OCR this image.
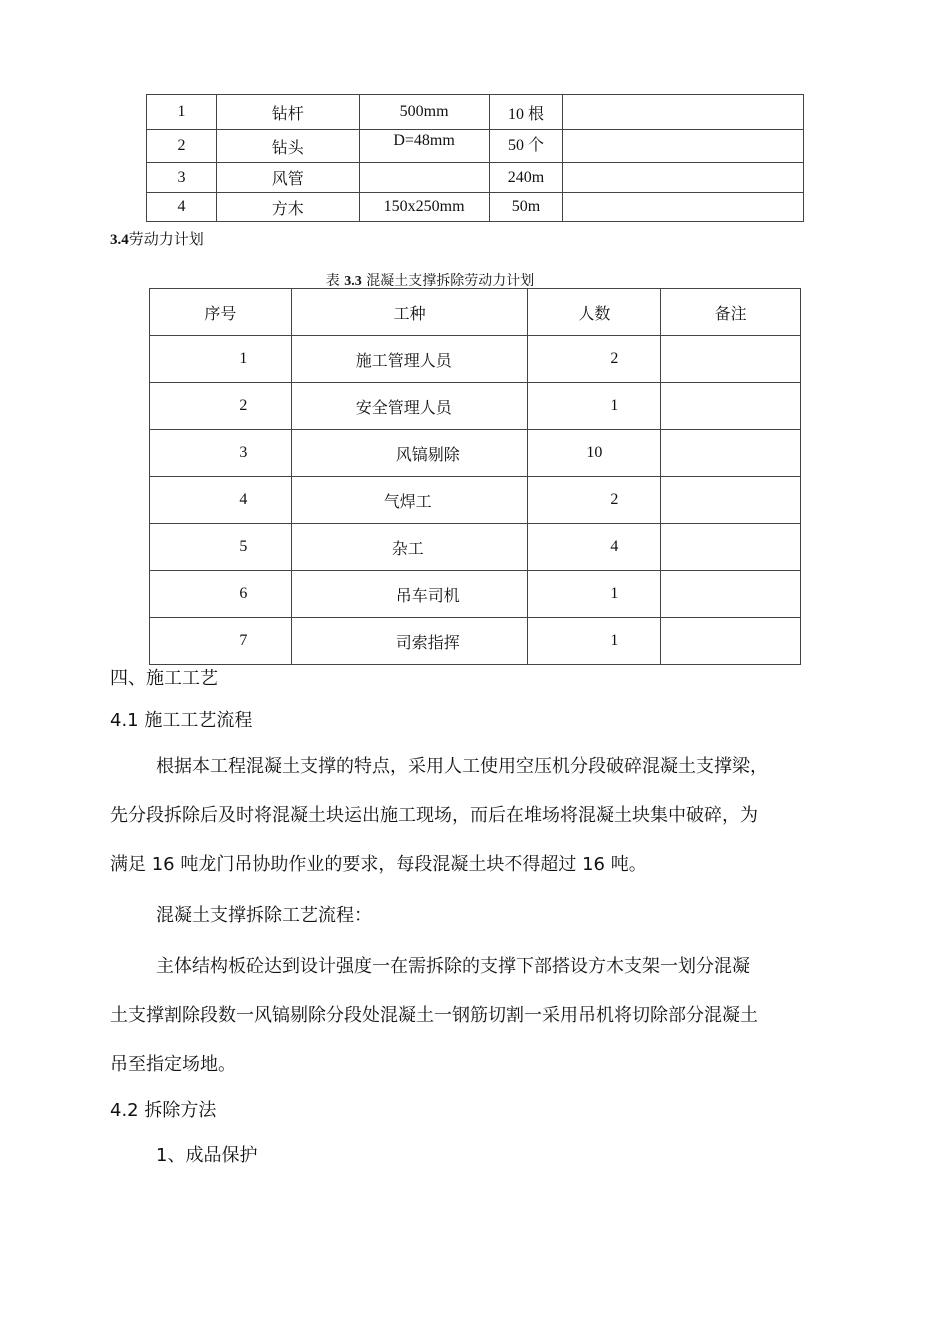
1	钻杆	500mm	10 根	
2	钻头	D=48mm	50 个	
3	风管		240m	
4	方木	150x250mm	50m	
3.4劳动力计划
表 3.3 混凝土支撑拆除劳动力计划
序号	工种	人数	备注
1	施工管理人员	2	
2	安全管理人员	1	
3	风镐剔除	10	
4	气焊工	2	
5	杂工	4	
6	吊车司机	1	
7	司索指挥	1	
四、施工工艺
4.1 施工工艺流程
根据本工程混凝土支撑的特点，采用人工使用空压机分段破碎混凝土支撑梁，
先分段拆除后及时将混凝土块运出施工现场，而后在堆场将混凝土块集中破碎，为
满足 16 吨龙门吊协助作业的要求，每段混凝土块不得超过 16 吨。
混凝土支撑拆除工艺流程：
主体结构板砼达到设计强度一在需拆除的支撑下部搭设方木支架一划分混凝
土支撑割除段数一风镐剔除分段处混凝土一钢筋切割一采用吊机将切除部分混凝土
吊至指定场地。
4.2 拆除方法
1、成品保护
